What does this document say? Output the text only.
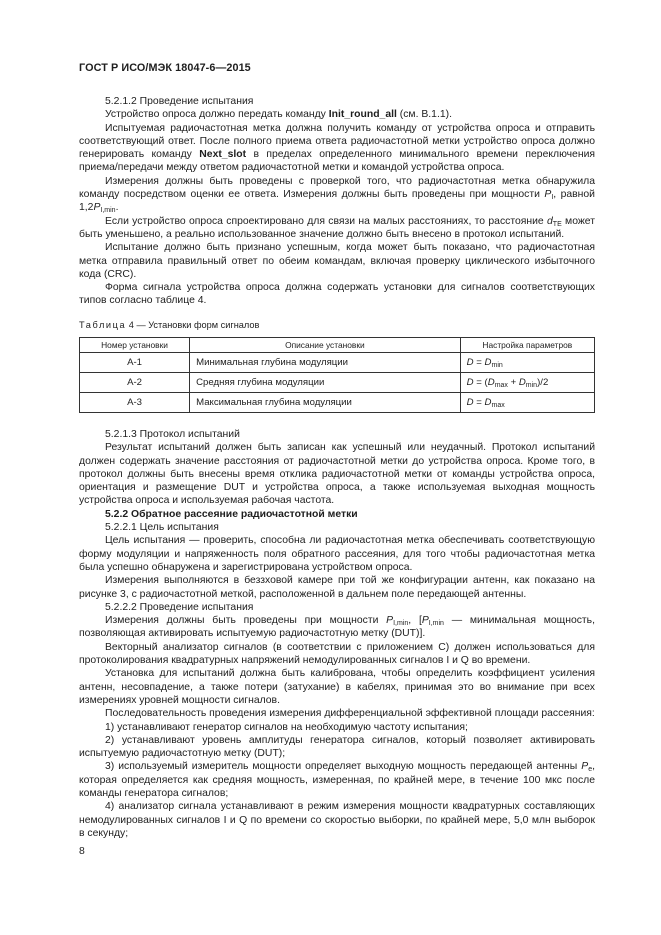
ГОСТ Р ИСО/МЭК 18047-6—2015

5.2.1.2 Проведение испытания

Устройство опроса должно передать команду Init_round_all (см. В.1.1).

Испытуемая радиочастотная метка должна получить команду от устройства опроса и отправить соответствующий ответ. После полного приема ответа радиочастотной метки устройство опроса должно генерировать команду Next_slot в пределах определенного минимального времени переключения приема/передачи между ответом радиочастотной метки и командой устройства опроса.

Измерения должны быть проведены с проверкой того, что радиочастотная метка обнаружила команду посредством оценки ее ответа. Измерения должны быть проведены при мощности $P_I$, равной $1,2P_{I,min}$.

Если устройство опроса спроектировано для связи на малых расстояниях, то расстояние $d_{TE}$ может быть уменьшено, а реально использованное значение должно быть внесено в протокол испытаний.

Испытание должно быть признано успешным, когда может быть показано, что радиочастотная метка отправила правильный ответ по обеим командам, включая проверку циклического избыточного кода (CRC).

Форма сигнала устройства опроса должна содержать установки для сигналов соответствующих типов согласно таблице 4.

Таблица 4 — Установки форм сигналов
Номер установки	Описание установки	Настройка параметров
A-1	Минимальная глубина модуляции	$D = D_{min}$
A-2	Средняя глубина модуляции	$D = (D_{max} + D_{min})/2$
A-3	Максимальная глубина модуляции	$D = D_{max}$

5.2.1.3 Протокол испытаний

Результат испытаний должен быть записан как успешный или неудачный. Протокол испытаний должен содержать значение расстояния от радиочастотной метки до устройства опроса. Кроме того, в протокол должны быть внесены время отклика радиочастотной метки от команды устройства опроса, ориентация и размещение DUT и устройства опроса, а также используемая выходная мощность устройства опроса и используемая рабочая частота.

5.2.2 Обратное рассеяние радиочастотной метки

5.2.2.1 Цель испытания

Цель испытания — проверить, способна ли радиочастотная метка обеспечивать соответствующую форму модуляции и напряженность поля обратного рассеяния, для того чтобы радиочастотная метка была успешно обнаружена и зарегистрирована устройством опроса.

Измерения выполняются в беззховой камере при той же конфигурации антенн, как показано на рисунке 3, с радиочастотной меткой, расположенной в дальнем поле передающей антенны.

5.2.2.2 Проведение испытания

Измерения должны быть проведены при мощности $P_{I,min}$, [$P_{I,min}$ — минимальная мощность, позволяющая активировать испытуемую радиочастотную метку (DUT)].

Векторный анализатор сигналов (в соответствии с приложением С) должен использоваться для протоколирования квадратурных напряжений немодулированных сигналов I и Q во времени.

Установка для испытаний должна быть калибрована, чтобы определить коэффициент усиления антенн, несовпадение, а также потери (затухание) в кабелях, принимая это во внимание при всех измерениях уровней мощности сигналов.

Последовательность проведения измерения дифференциальной эффективной площади рассеяния:

1) устанавливают генератор сигналов на необходимую частоту испытания;

2) устанавливают уровень амплитуды генератора сигналов, который позволяет активировать испытуемую радиочастотную метку (DUT);

3) используемый измеритель мощности определяет выходную мощность передающей антенны $P_e$, которая определяется как средняя мощность, измеренная, по крайней мере, в течение 100 мкс после команды генератора сигналов;

4) анализатор сигнала устанавливают в режим измерения мощности квадратурных составляющих немодулированных сигналов I и Q по времени со скоростью выборки, по крайней мере, 5,0 млн выборок в секунду;

8
